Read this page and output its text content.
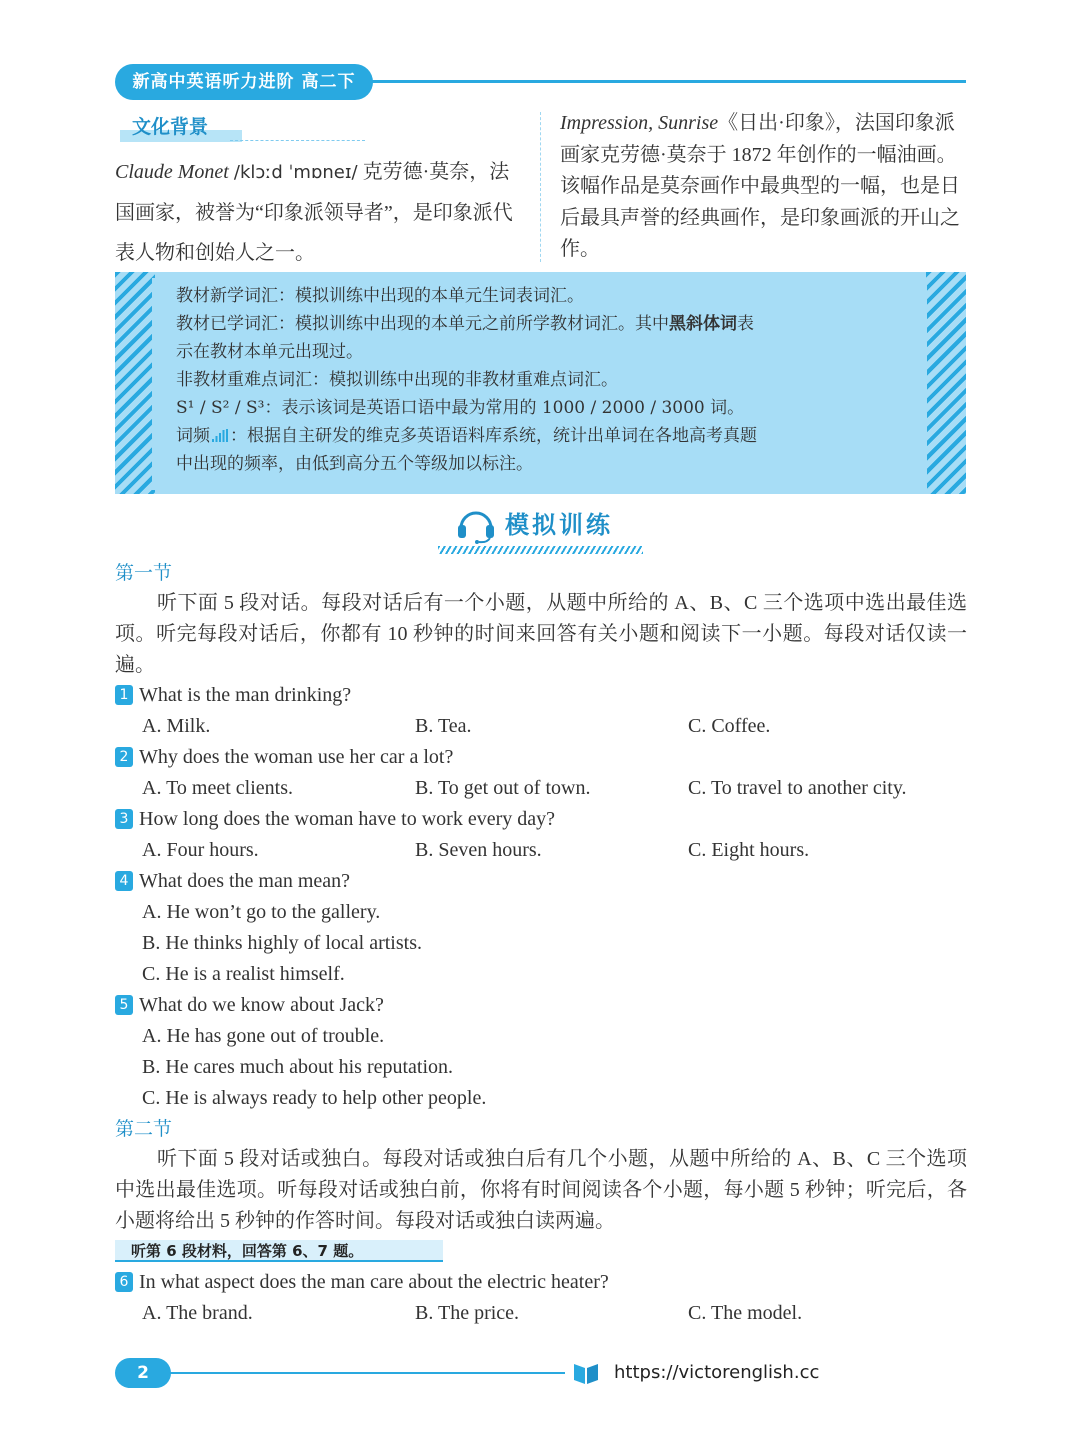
新高中英语听力进阶 高二下
文化背景
Claude Monet /klɔːd ˈmɒneɪ/ 克劳德·莫奈，法国画家，被誉为“印象派领导者”，是印象派代表人物和创始人之一。
Impression, Sunrise《日出·印象》，法国印象派画家克劳德·莫奈于 1872 年创作的一幅油画。该幅作品是莫奈画作中最典型的一幅，也是日后最具声誉的经典画作，是印象画派的开山之作。
教材新学词汇：模拟训练中出现的本单元生词表词汇。
教材已学词汇：模拟训练中出现的本单元之前所学教材词汇。其中黑斜体词表
示在教材本单元出现过。
非教材重难点词汇：模拟训练中出现的非教材重难点词汇。
S¹ / S² / S³：表示该词是英语口语中最为常用的 1000 / 2000 / 3000 词。
词频 ：根据自主研发的维克多英语语料库系统，统计出单词在各地高考真题
中出现的频率，由低到高分五个等级加以标注。
模拟训练
第一节
听下面 5 段对话。每段对话后有一个小题，从题中所给的 A、B、C 三个选项中选出最佳选项。听完每段对话后，你都有 10 秒钟的时间来回答有关小题和阅读下一小题。每段对话仅读一遍。
1 What is the man drinking?
A. Milk.	B. Tea.	C. Coffee.
2 Why does the woman use her car a lot?
A. To meet clients.	B. To get out of town.	C. To travel to another city.
3 How long does the woman have to work every day?
A. Four hours.	B. Seven hours.	C. Eight hours.
4 What does the man mean?
A. He won’t go to the gallery.
B. He thinks highly of local artists.
C. He is a realist himself.
5 What do we know about Jack?
A. He has gone out of trouble.
B. He cares much about his reputation.
C. He is always ready to help other people.
第二节
听下面 5 段对话或独白。每段对话或独白后有几个小题，从题中所给的 A、B、C 三个选项中选出最佳选项。听每段对话或独白前，你将有时间阅读各个小题，每小题 5 秒钟；听完后，各小题将给出 5 秒钟的作答时间。每段对话或独白读两遍。
听第 6 段材料，回答第 6、7 题。
6 In what aspect does the man care about the electric heater?
A. The brand.	B. The price.	C. The model.
2	https://victorenglish.cc
